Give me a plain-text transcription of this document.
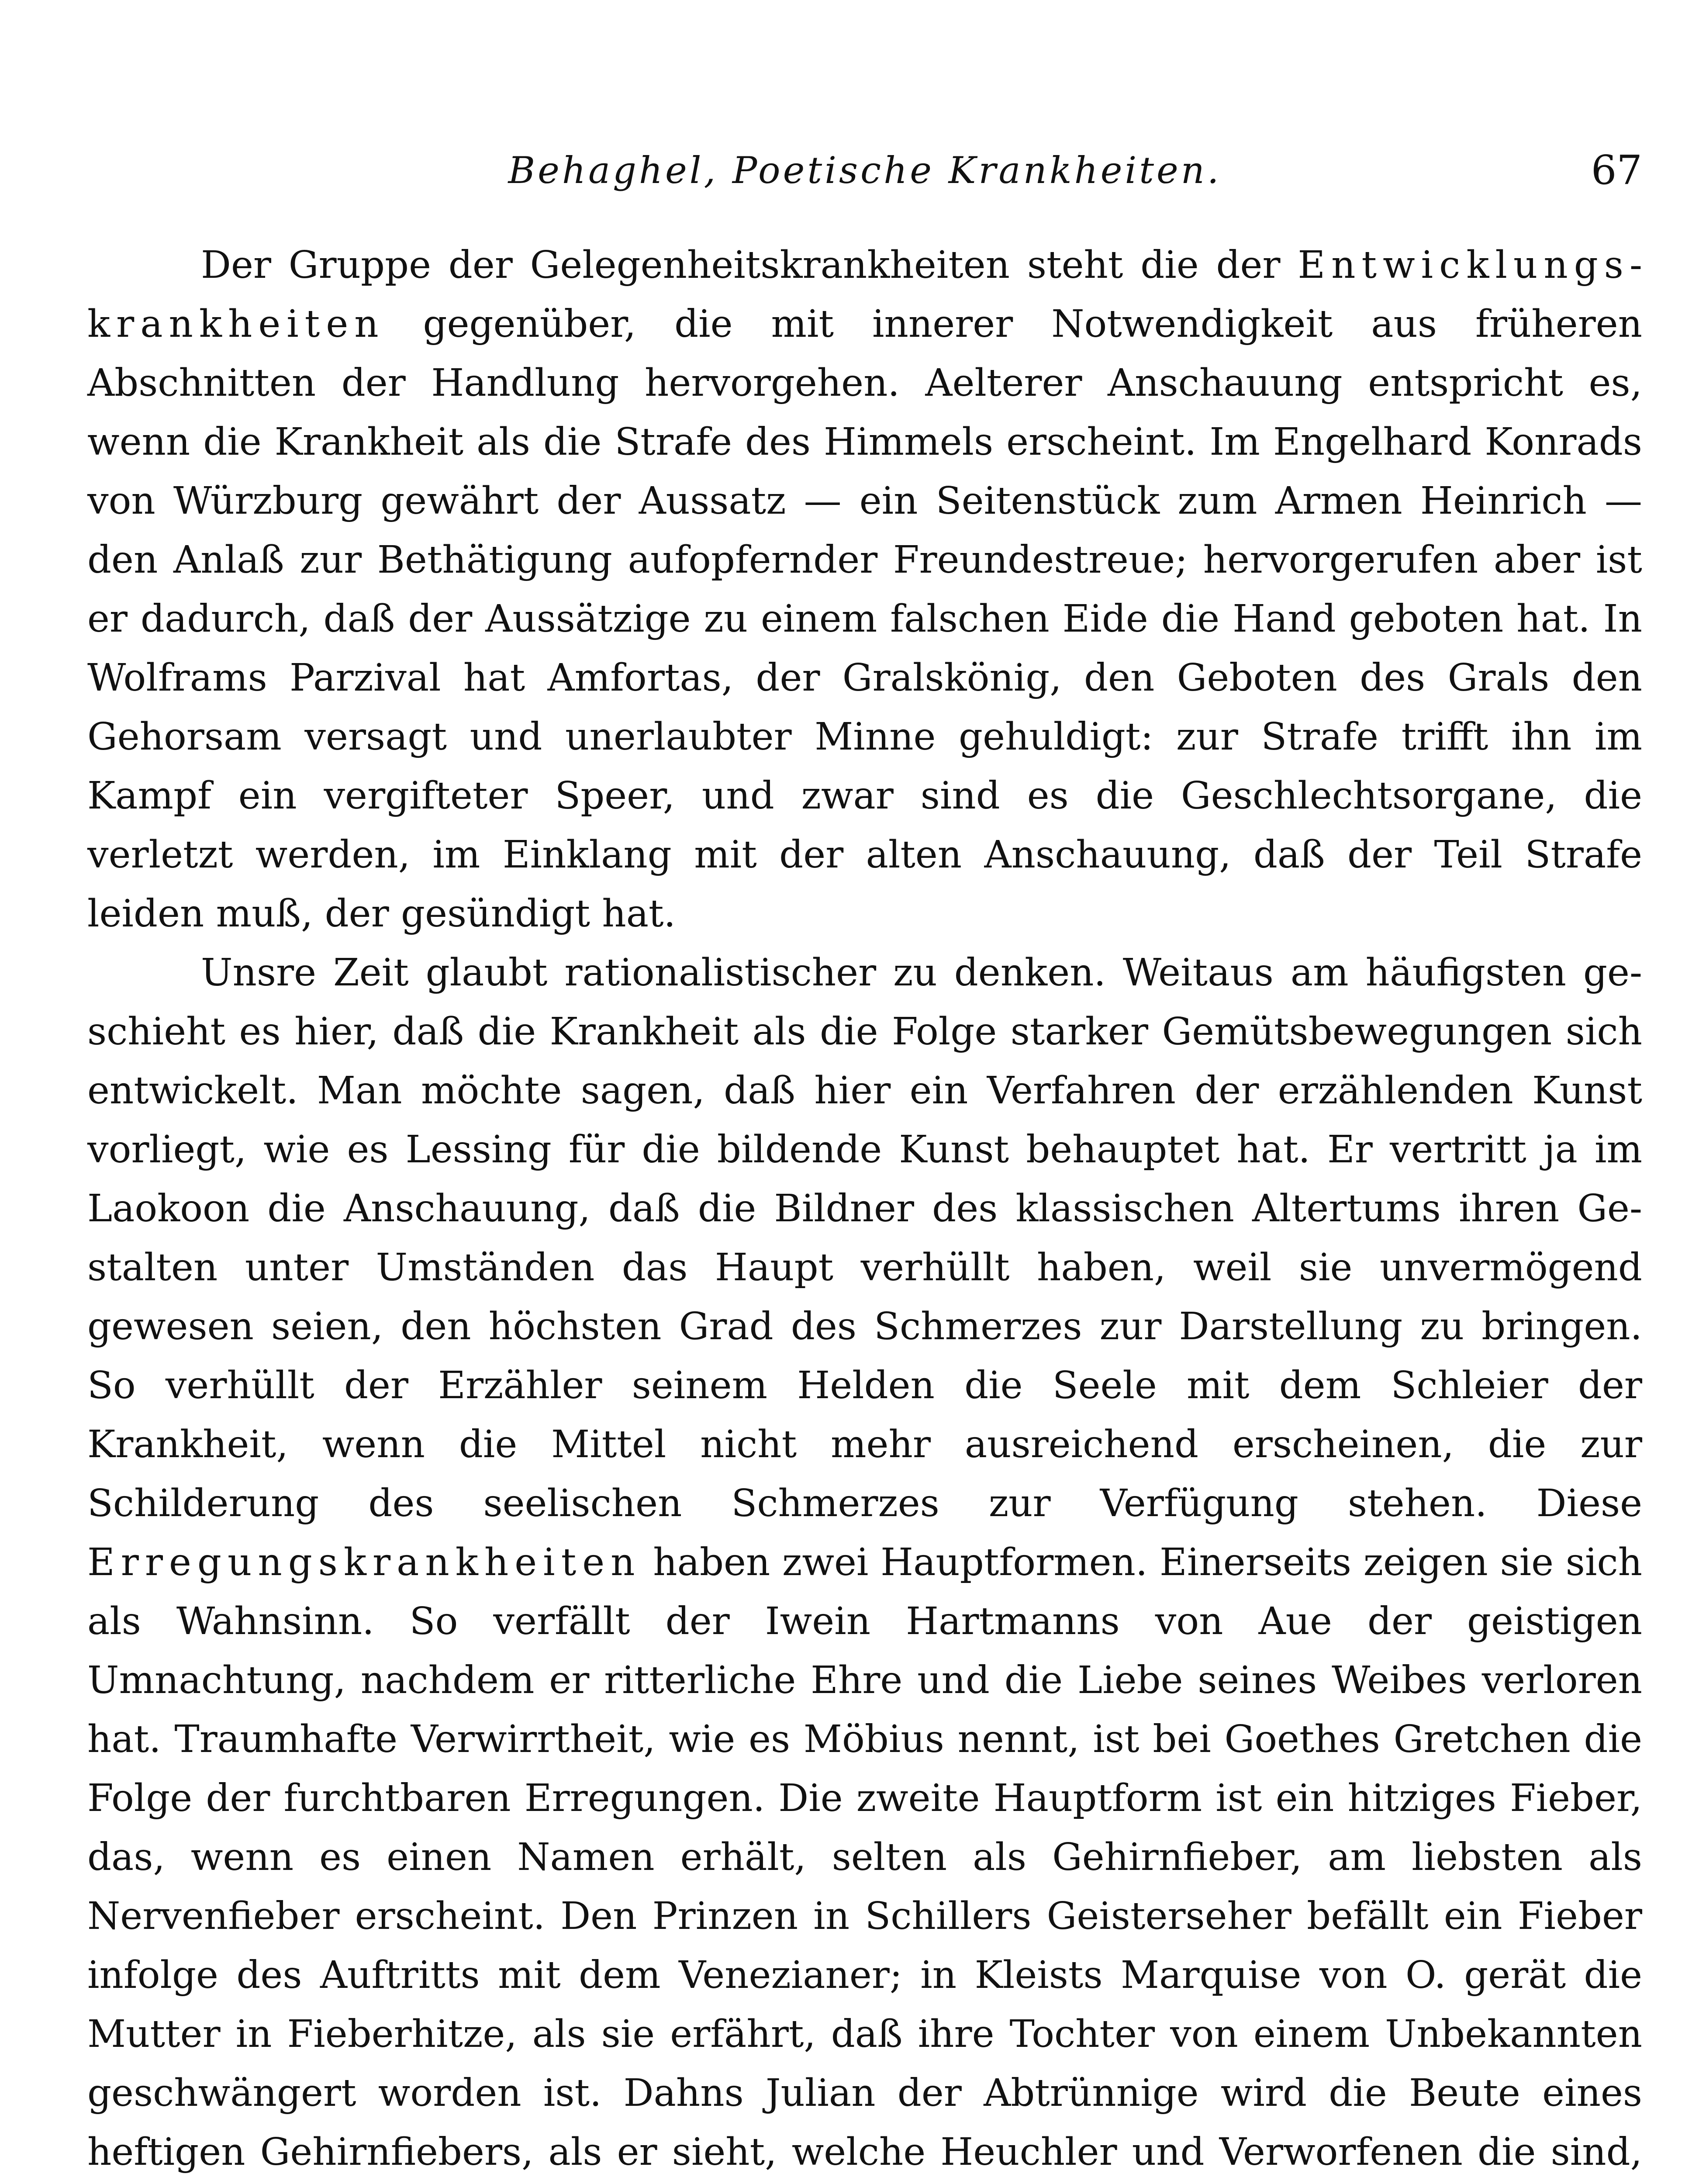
Behaghel, Poetische Krankheiten.	67

Der Gruppe der Gelegenheitskrankheiten steht die der Entwicklungskrankheiten gegenüber, die mit innerer Notwendigkeit aus früheren Abschnitten der Handlung hervorgehen. Aelterer Anschauung entspricht es, wenn die Krankheit als die Strafe des Himmels erscheint. Im Engelhard Konrads von Würzburg gewährt der Aussatz — ein Seitenstück zum Armen Heinrich — den Anlaß zur Bethätigung aufopfernder Freundestreue; hervorgerufen aber ist er dadurch, daß der Aussätzige zu einem falschen Eide die Hand geboten hat. In Wolframs Parzival hat Amfortas, der Gralskönig, den Geboten des Grals den Gehorsam versagt und unerlaubter Minne gehuldigt: zur Strafe trifft ihn im Kampf ein vergifteter Speer, und zwar sind es die Geschlechtsorgane, die verletzt werden, im Einklang mit der alten Anschauung, daß der Teil Strafe leiden muß, der gesündigt hat.

Unsre Zeit glaubt rationalistischer zu denken. Weitaus am häufigsten geschieht es hier, daß die Krankheit als die Folge starker Gemütsbewegungen sich entwickelt. Man möchte sagen, daß hier ein Verfahren der erzählenden Kunst vorliegt, wie es Lessing für die bildende Kunst behauptet hat. Er vertritt ja im Laokoon die Anschauung, daß die Bildner des klassischen Altertums ihren Gestalten unter Umständen das Haupt verhüllt haben, weil sie unvermögend gewesen seien, den höchsten Grad des Schmerzes zur Darstellung zu bringen. So verhüllt der Erzähler seinem Helden die Seele mit dem Schleier der Krankheit, wenn die Mittel nicht mehr ausreichend erscheinen, die zur Schilderung des seelischen Schmerzes zur Verfügung stehen. Diese Erregungskrankheiten haben zwei Hauptformen. Einerseits zeigen sie sich als Wahnsinn. So verfällt der Iwein Hartmanns von Aue der geistigen Umnachtung, nachdem er ritterliche Ehre und die Liebe seines Weibes verloren hat. Traumhafte Verwirrtheit, wie es Möbius nennt, ist bei Goethes Gretchen die Folge der furchtbaren Erregungen. Die zweite Hauptform ist ein hitziges Fieber, das, wenn es einen Namen erhält, selten als Gehirnfieber, am liebsten als Nervenfieber erscheint. Den Prinzen in Schillers Geisterseher befällt ein Fieber infolge des Auftritts mit dem Venezianer; in Kleists Marquise von O. gerät die Mutter in Fieberhitze, als sie erfährt, daß ihre Tochter von einem Unbekannten geschwängert worden ist. Dahns Julian der Abtrünnige wird die Beute eines heftigen Gehirnfiebers, als er sieht, welche Heuchler und Verworfenen die sind,
